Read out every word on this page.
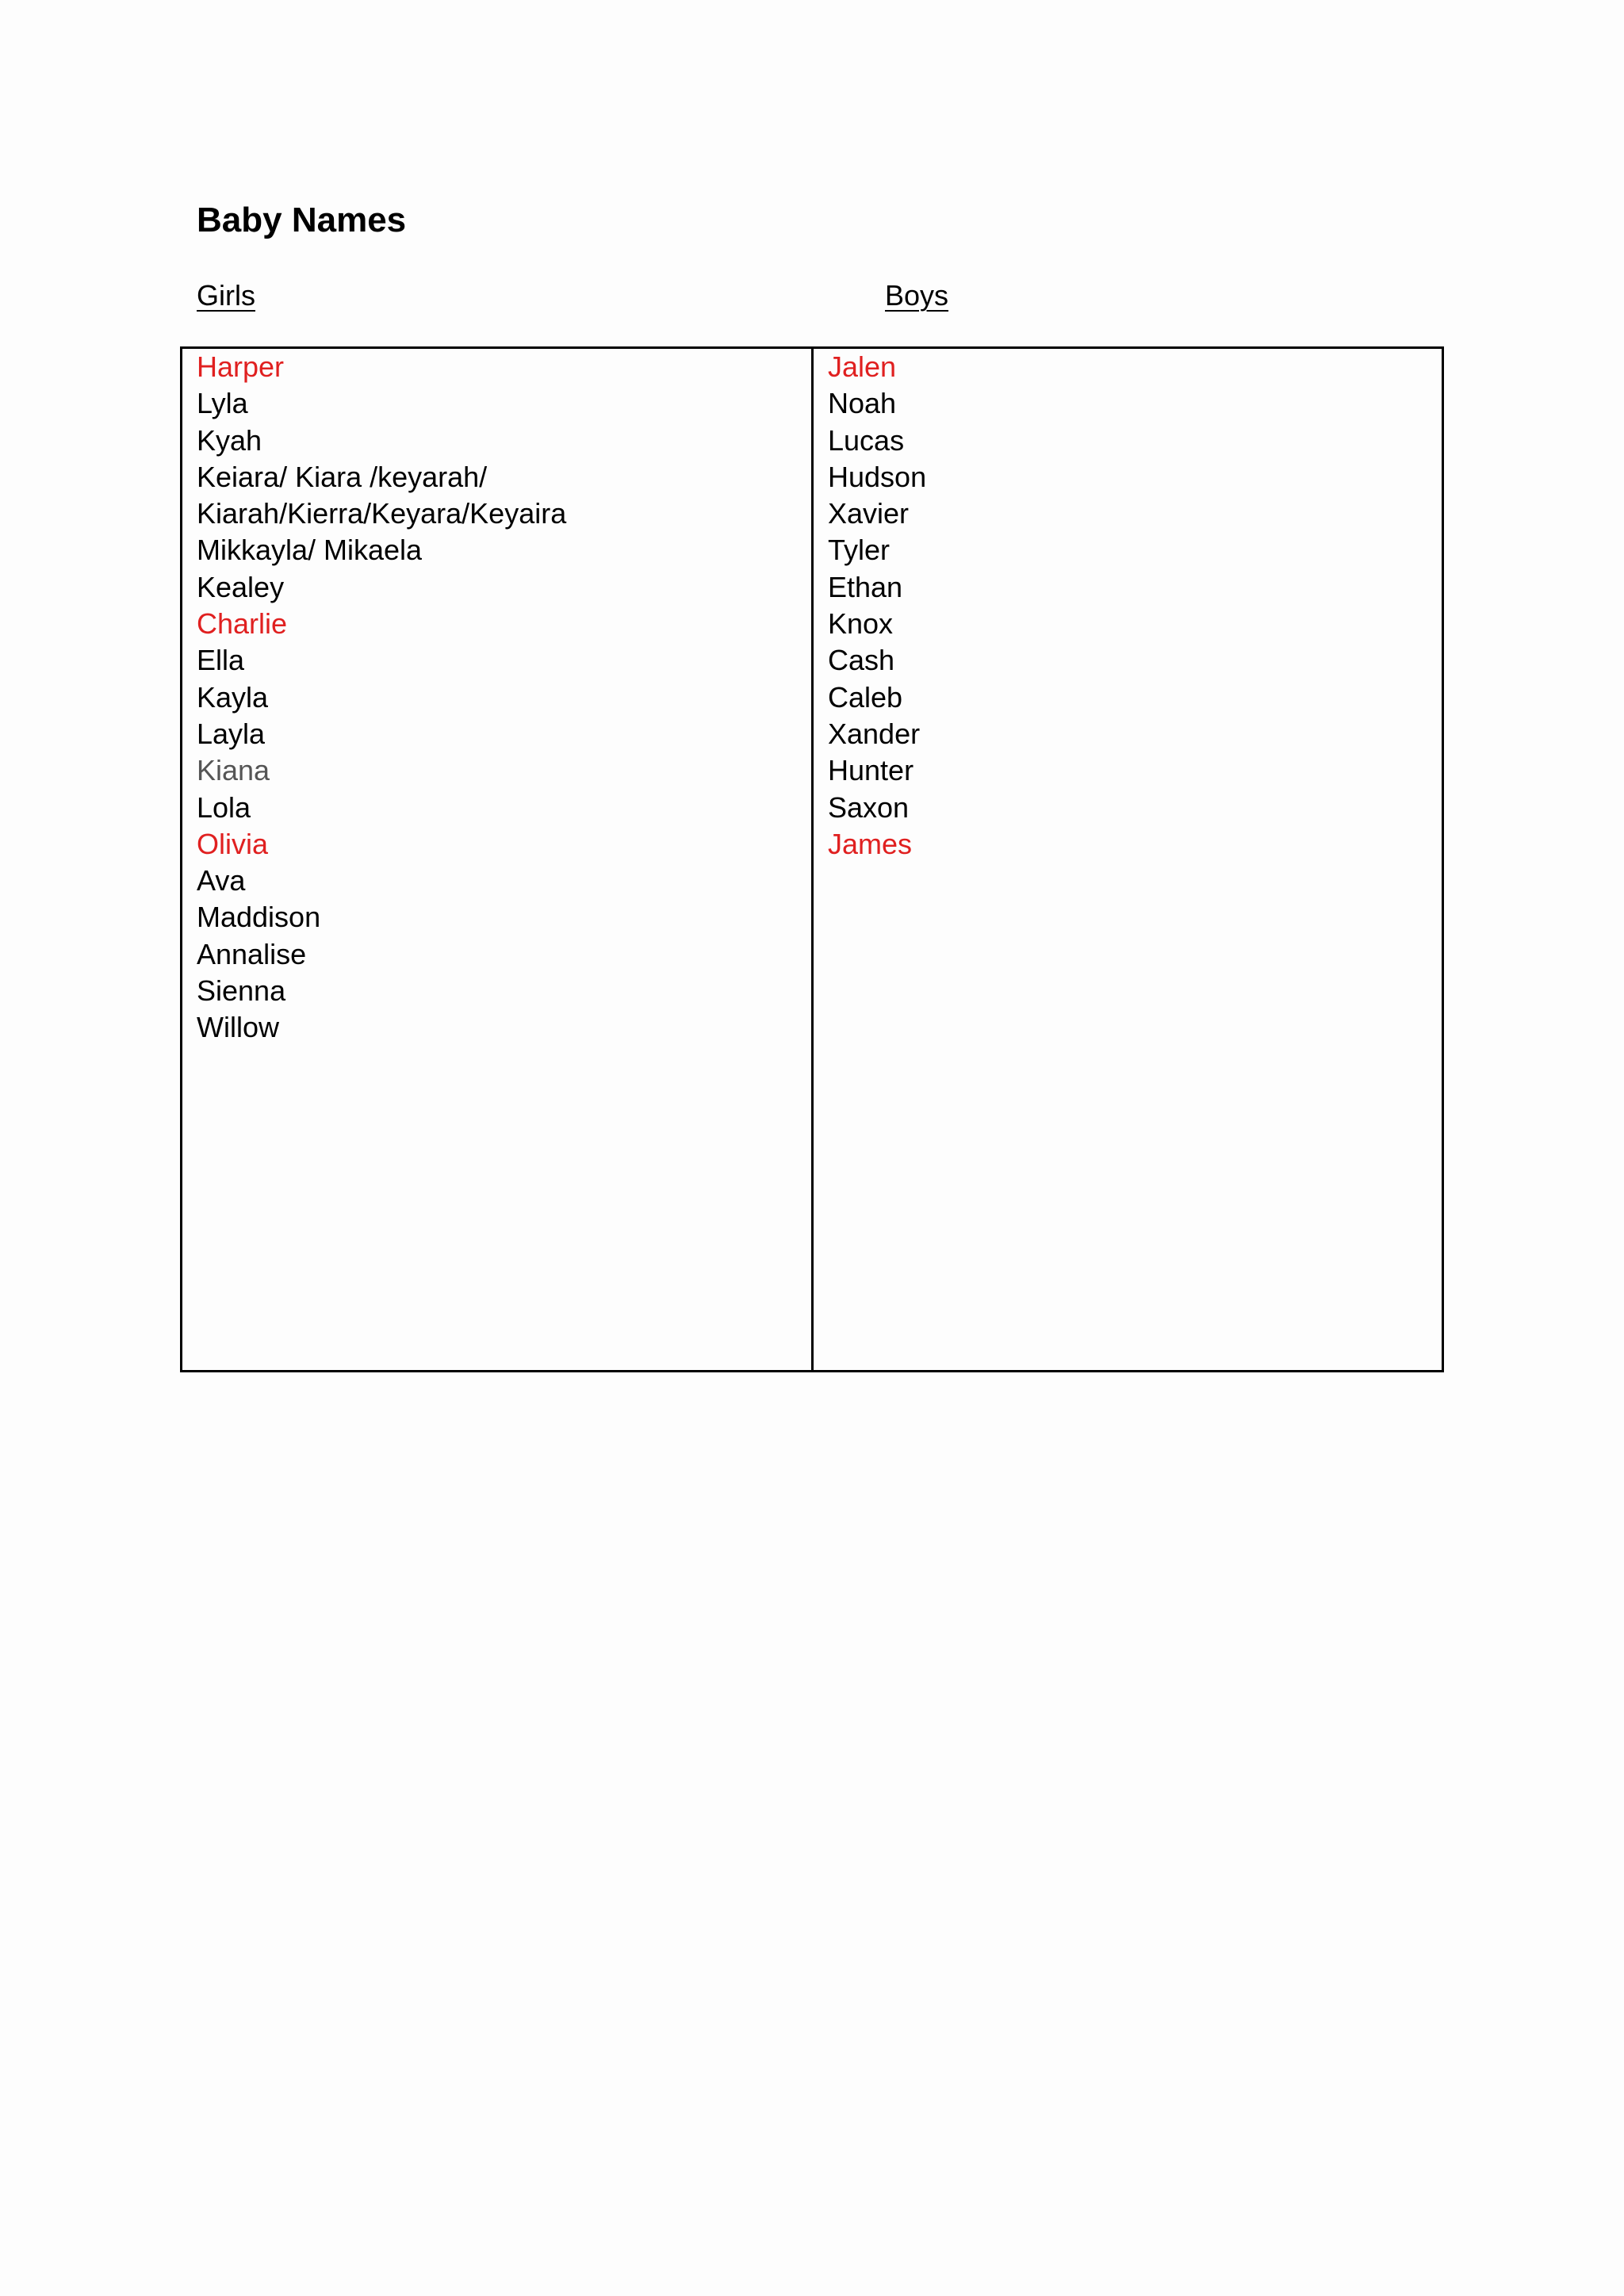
Baby Names
Girls	Boys
Harper
Lyla
Kyah
Keiara/ Kiara /keyarah/
Kiarah/Kierra/Keyara/Keyaira
Mikkayla/ Mikaela
Kealey
Charlie
Ella
Kayla
Layla
Kiana
Lola
Olivia
Ava
Maddison
Annalise
Sienna
Willow
Jalen
Noah
Lucas
Hudson
Xavier
Tyler
Ethan
Knox
Cash
Caleb
Xander
Hunter
Saxon
James
